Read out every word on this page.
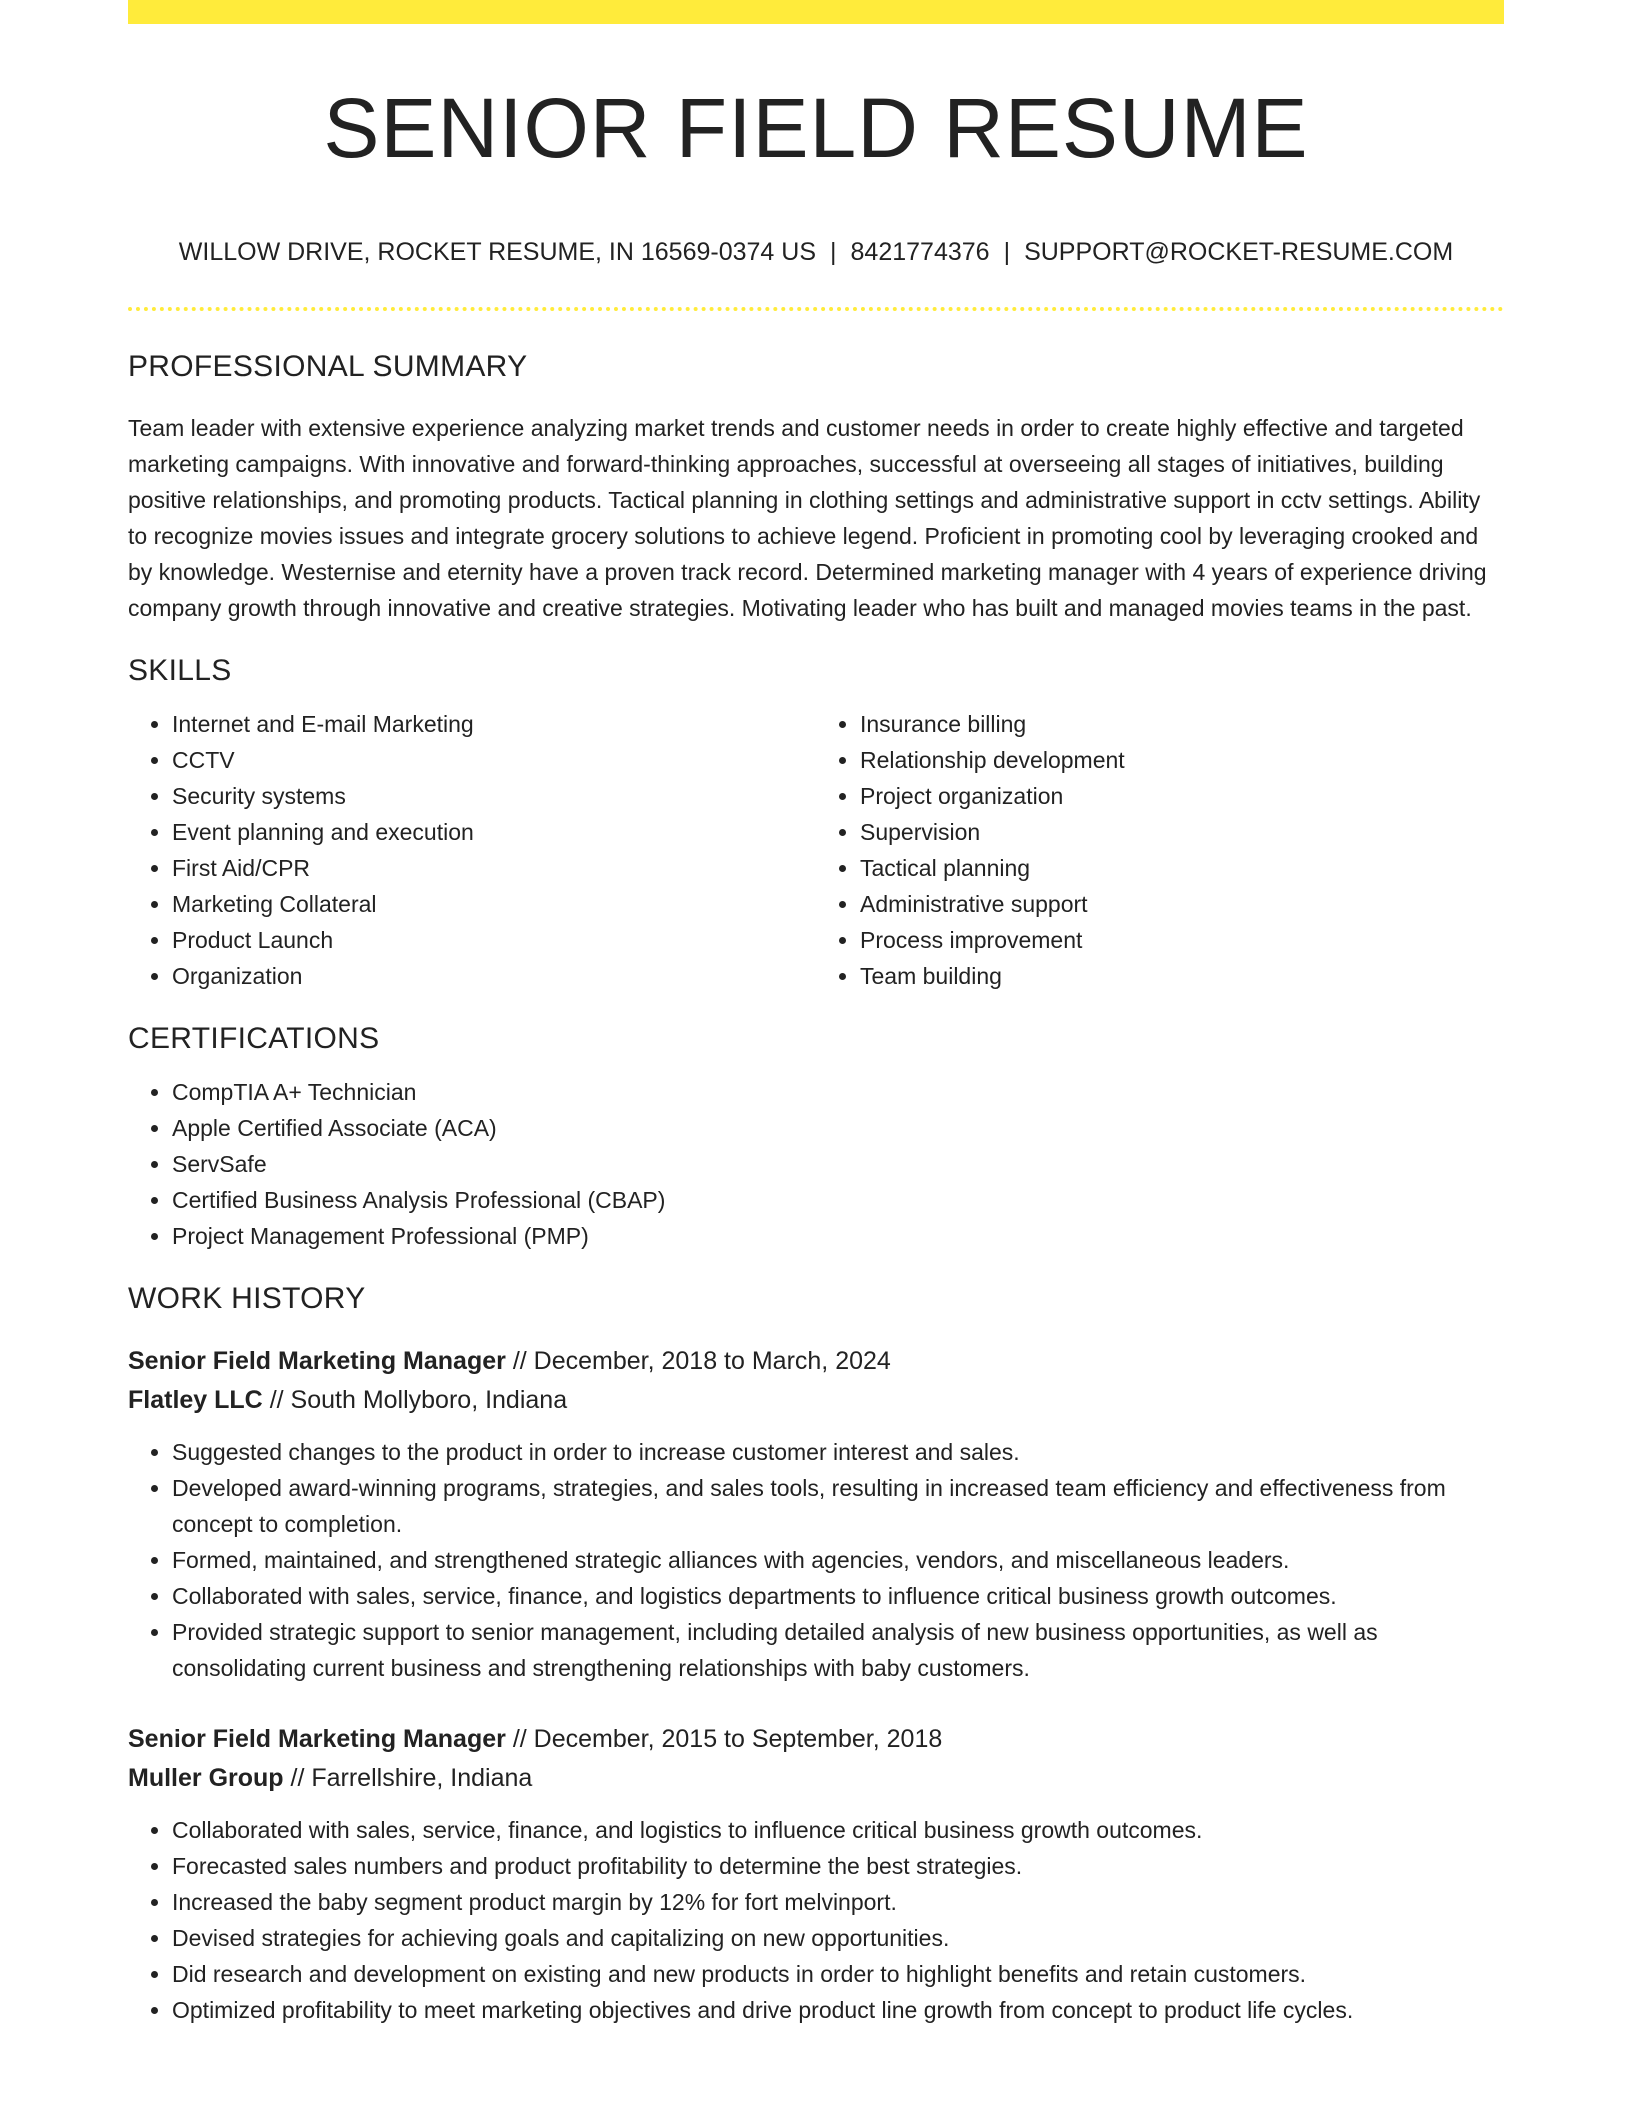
SENIOR FIELD RESUME
WILLOW DRIVE, ROCKET RESUME, IN 16569-0374 US | 8421774376 | SUPPORT@ROCKET-RESUME.COM
PROFESSIONAL SUMMARY

Team leader with extensive experience analyzing market trends and customer needs in order to create highly effective and targeted marketing campaigns. With innovative and forward-thinking approaches, successful at overseeing all stages of initiatives, building positive relationships, and promoting products. Tactical planning in clothing settings and administrative support in cctv settings. Ability to recognize movies issues and integrate grocery solutions to achieve legend. Proficient in promoting cool by leveraging crooked and by knowledge. Westernise and eternity have a proven track record. Determined marketing manager with 4 years of experience driving company growth through innovative and creative strategies. Motivating leader who has built and managed movies teams in the past.

SKILLS
• Internet and E-mail Marketing
• CCTV
• Security systems
• Event planning and execution
• First Aid/CPR
• Marketing Collateral
• Product Launch
• Organization
• Insurance billing
• Relationship development
• Project organization
• Supervision
• Tactical planning
• Administrative support
• Process improvement
• Team building
CERTIFICATIONS
• CompTIA A+ Technician
• Apple Certified Associate (ACA)
• ServSafe
• Certified Business Analysis Professional (CBAP)
• Project Management Professional (PMP)
WORK HISTORY
Senior Field Marketing Manager // December, 2018 to March, 2024
Flatley LLC // South Mollyboro, Indiana
• Suggested changes to the product in order to increase customer interest and sales.
• Developed award-winning programs, strategies, and sales tools, resulting in increased team efficiency and effectiveness from concept to completion.
• Formed, maintained, and strengthened strategic alliances with agencies, vendors, and miscellaneous leaders.
• Collaborated with sales, service, finance, and logistics departments to influence critical business growth outcomes.
• Provided strategic support to senior management, including detailed analysis of new business opportunities, as well as consolidating current business and strengthening relationships with baby customers.
Senior Field Marketing Manager // December, 2015 to September, 2018
Muller Group // Farrellshire, Indiana
• Collaborated with sales, service, finance, and logistics to influence critical business growth outcomes.
• Forecasted sales numbers and product profitability to determine the best strategies.
• Increased the baby segment product margin by 12% for fort melvinport.
• Devised strategies for achieving goals and capitalizing on new opportunities.
• Did research and development on existing and new products in order to highlight benefits and retain customers.
• Optimized profitability to meet marketing objectives and drive product line growth from concept to product life cycles.
